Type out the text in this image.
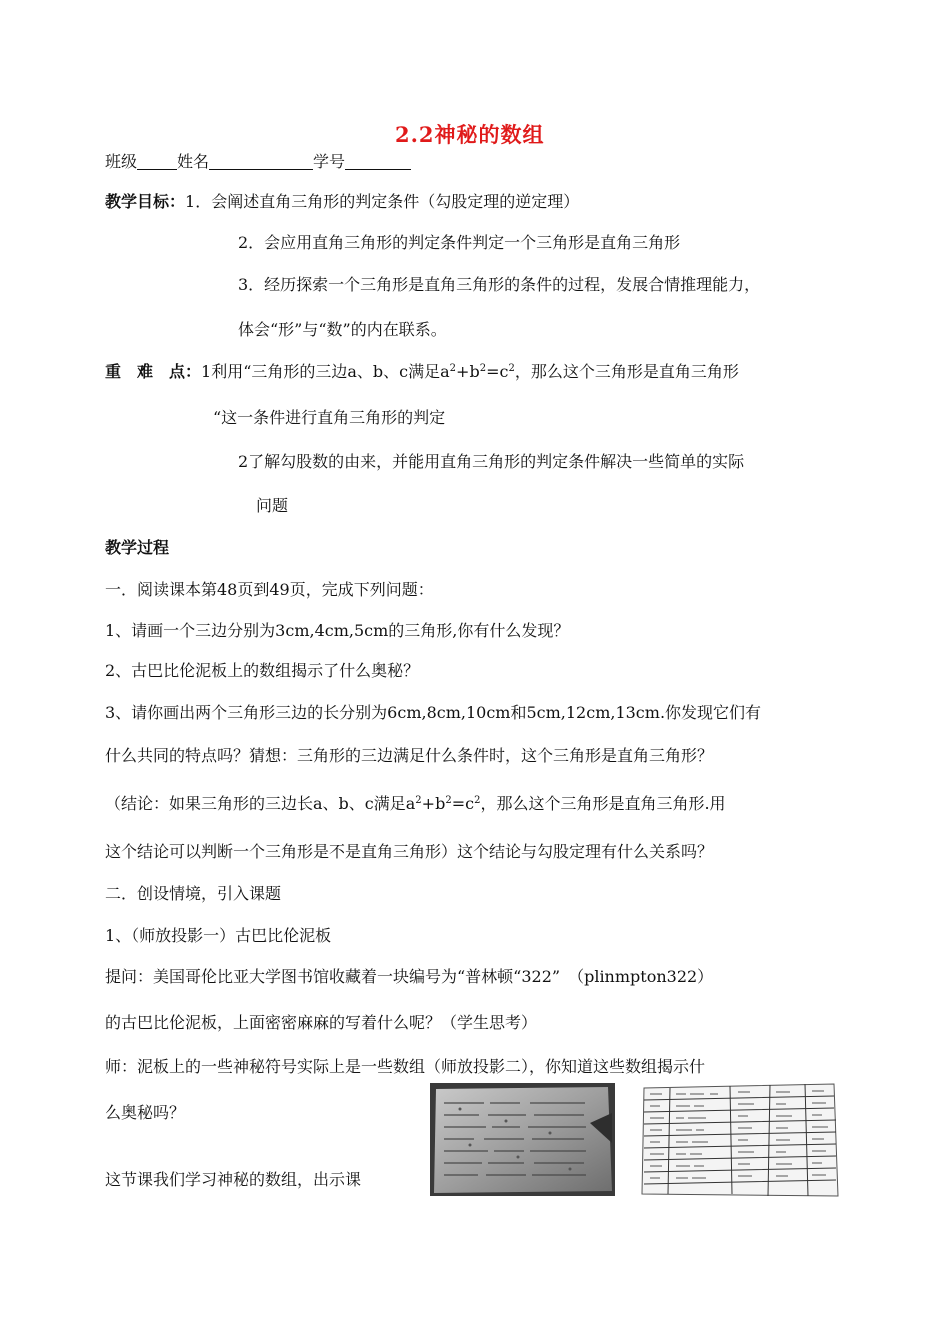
2.2神秘的数组
班级	姓名	学号
教学目标：1．会阐述直角三角形的判定条件（勾股定理的逆定理）
2．会应用直角三角形的判定条件判定一个三角形是直角三角形
3．经历探索一个三角形是直角三角形的条件的过程，发展合情推理能力，
体会“形”与“数”的内在联系。
重　难　点：1利用“三角形的三边a、b、c满足$a^2+b^2=c^2$，那么这个三角形是直角三角形
“这一条件进行直角三角形的判定
2了解勾股数的由来，并能用直角三角形的判定条件解决一些简单的实际
问题
教学过程
一．阅读课本第48页到49页，完成下列问题：
1、请画一个三边分别为3cm,4cm,5cm的三角形,你有什么发现？
2、古巴比伦泥板上的数组揭示了什么奥秘？
3、请你画出两个三角形三边的长分别为6cm,8cm,10cm和5cm,12cm,13cm.你发现它们有
什么共同的特点吗？猜想：三角形的三边满足什么条件时，这个三角形是直角三角形？
（结论：如果三角形的三边长a、b、c满足$a^2+b^2=c^2$，那么这个三角形是直角三角形.用
这个结论可以判断一个三角形是不是直角三角形）这个结论与勾股定理有什么关系吗？
二．创设情境，引入课题
1、（师放投影一）古巴比伦泥板
提问：美国哥伦比亚大学图书馆收藏着一块编号为“普林顿“322”　（plinmpton322）
的古巴比伦泥板，上面密密麻麻的写着什么呢？（学生思考）
师：泥板上的一些神秘符号实际上是一些数组（师放投影二），你知道这些数组揭示什
么奥秘吗？
这节课我们学习神秘的数组，出示课
